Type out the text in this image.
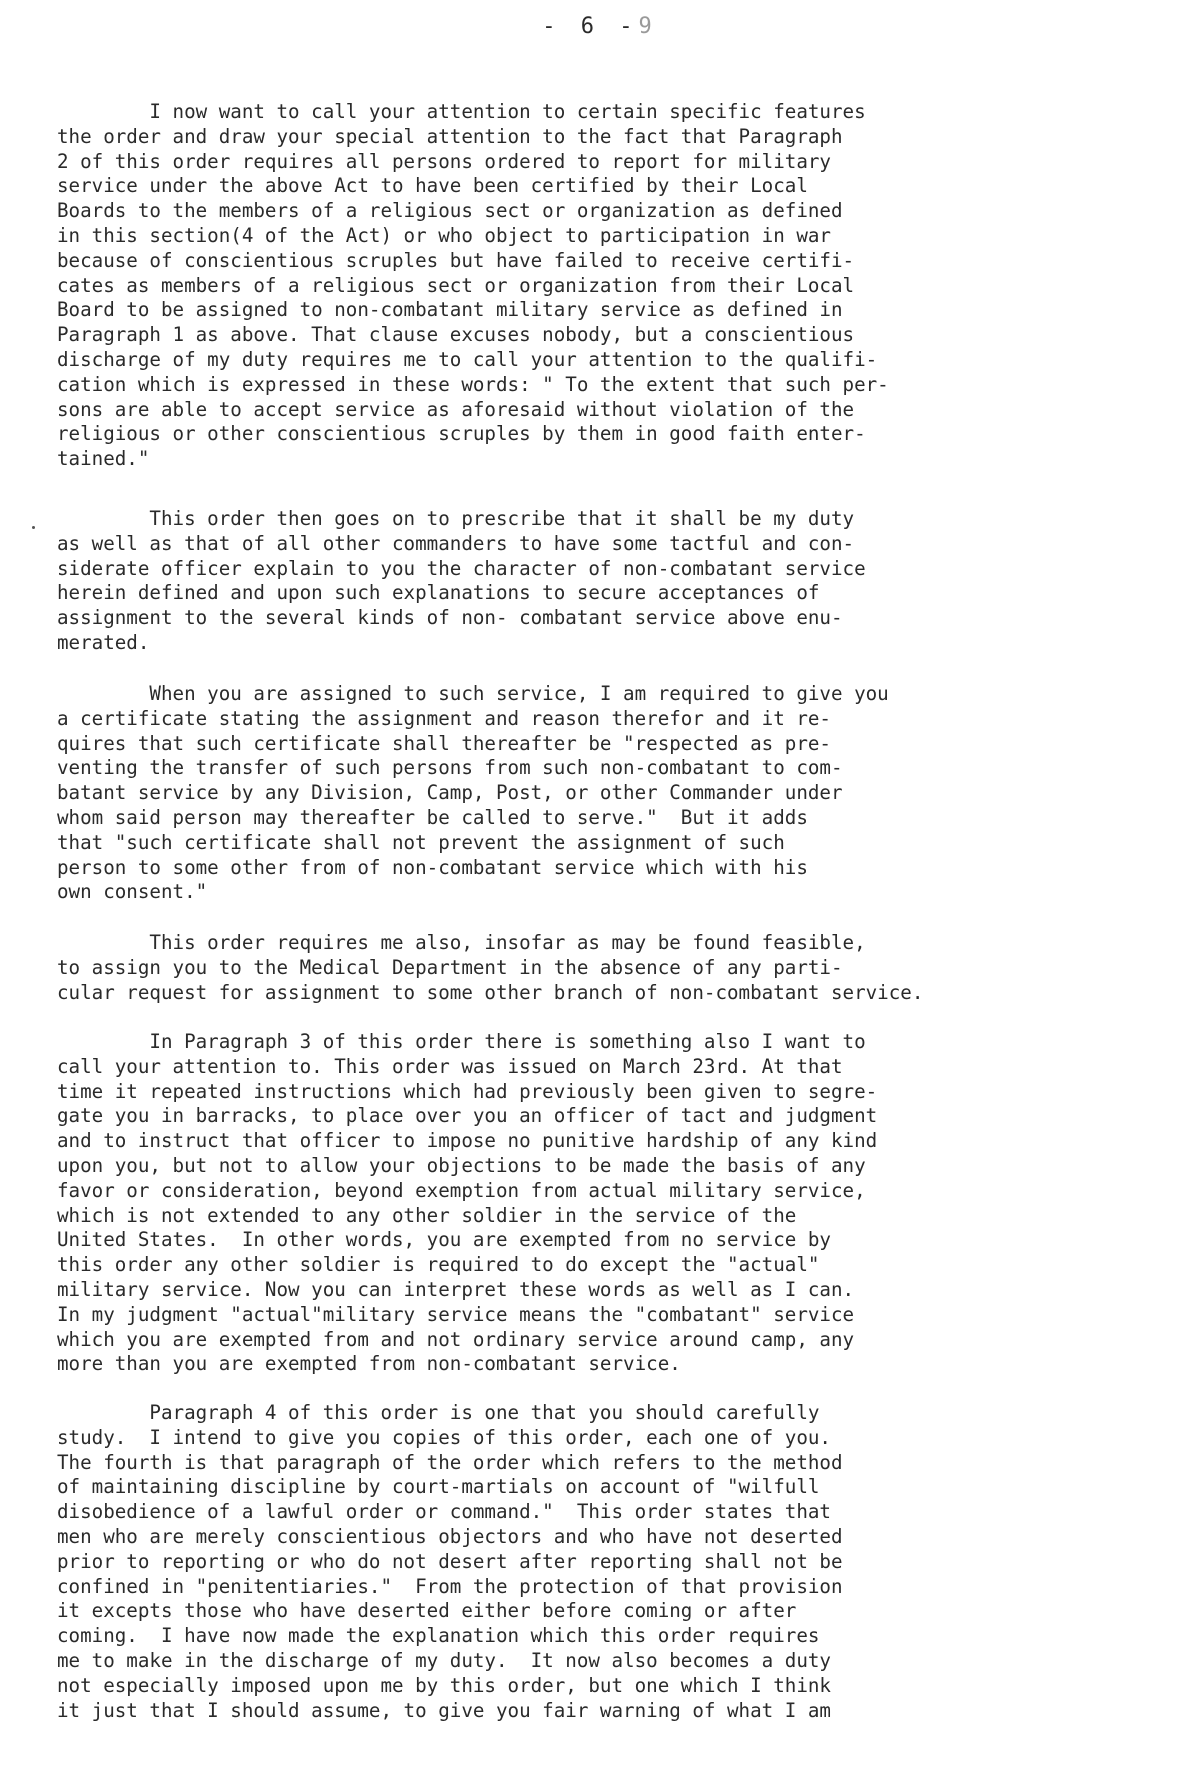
- 6 -9
I now want to call your attention to certain specific features
the order and draw your special attention to the fact that Paragraph
2 of this order requires all persons ordered to report for military
service under the above Act to have been certified by their Local
Boards to the members of a religious sect or organization as defined
in this section(4 of the Act) or who object to participation in war
because of conscientious scruples but have failed to receive certifi-
cates as members of a religious sect or organization from their Local
Board to be assigned to non-combatant military service as defined in
Paragraph 1 as above. That clause excuses nobody, but a conscientious
discharge of my duty requires me to call your attention to the qualifi-
cation which is expressed in these words: " To the extent that such per-
sons are able to accept service as aforesaid without violation of the
religious or other conscientious scruples by them in good faith enter-
tained."
This order then goes on to prescribe that it shall be my duty
as well as that of all other commanders to have some tactful and con-
siderate officer explain to you the character of non-combatant service
herein defined and upon such explanations to secure acceptances of
assignment to the several kinds of non- combatant service above enu-
merated.
When you are assigned to such service, I am required to give you
a certificate stating the assignment and reason therefor and it re-
quires that such certificate shall thereafter be "respected as pre-
venting the transfer of such persons from such non-combatant to com-
batant service by any Division, Camp, Post, or other Commander under
whom said person may thereafter be called to serve."  But it adds
that "such certificate shall not prevent the assignment of such
person to some other from of non-combatant service which with his
own consent."
This order requires me also, insofar as may be found feasible,
to assign you to the Medical Department in the absence of any parti-
cular request for assignment to some other branch of non-combatant service.
In Paragraph 3 of this order there is something also I want to
call your attention to. This order was issued on March 23rd. At that
time it repeated instructions which had previously been given to segre-
gate you in barracks, to place over you an officer of tact and judgment
and to instruct that officer to impose no punitive hardship of any kind
upon you, but not to allow your objections to be made the basis of any
favor or consideration, beyond exemption from actual military service,
which is not extended to any other soldier in the service of the
United States.  In other words, you are exempted from no service by
this order any other soldier is required to do except the "actual"
military service. Now you can interpret these words as well as I can.
In my judgment "actual"military service means the "combatant" service
which you are exempted from and not ordinary service around camp, any
more than you are exempted from non-combatant service.
Paragraph 4 of this order is one that you should carefully
study.  I intend to give you copies of this order, each one of you.
The fourth is that paragraph of the order which refers to the method
of maintaining discipline by court-martials on account of "wilfull
disobedience of a lawful order or command."  This order states that
men who are merely conscientious objectors and who have not deserted
prior to reporting or who do not desert after reporting shall not be
confined in "penitentiaries."  From the protection of that provision
it excepts those who have deserted either before coming or after
coming.  I have now made the explanation which this order requires
me to make in the discharge of my duty.  It now also becomes a duty
not especially imposed upon me by this order, but one which I think
it just that I should assume, to give you fair warning of what I am
